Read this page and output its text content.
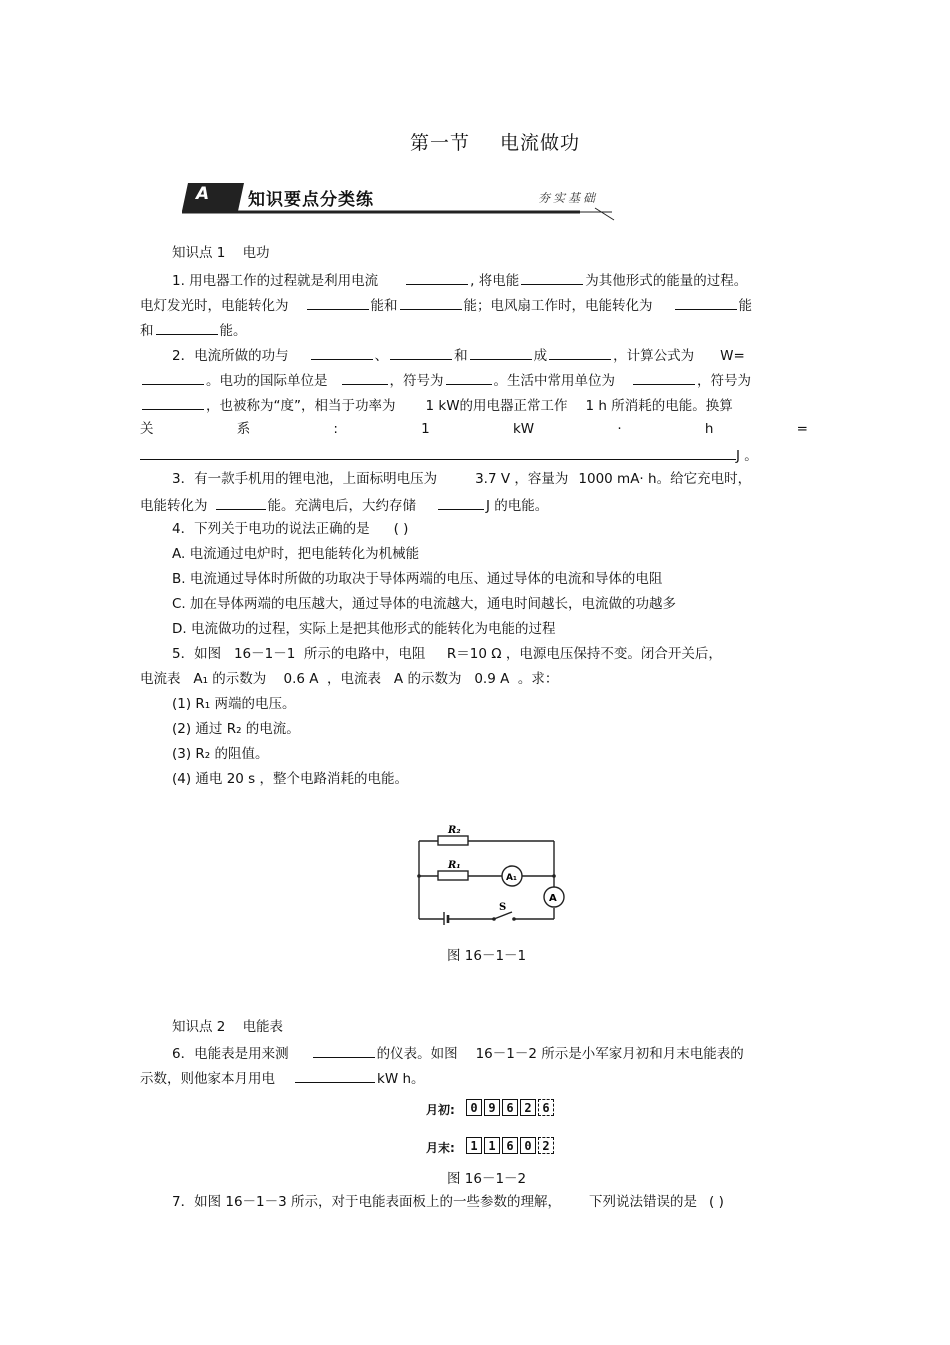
第一节 电流做功
A 知识要点分类练	夯实基础
知识点 1 电功
1. 用电器工作的过程就是利用电流	, 将电能	为其他形式的能量的过程。
电灯发光时，电能转化为	能和	能；电风扇工作时，电能转化为	能
和	能。
2．电流所做的功与	、	和	成	，计算公式为 W=
。电功的国际单位是	，符号为	。生活中常用单位为	，符号为
，也被称为“度”，相当于功率为 1 kW的用电器正常工作 1 h 所消耗的电能。换算
关	系	:	1	kW	·	h	=
J 。
3．有一款手机用的锂电池，上面标明电压为	3.7 V ，容量为 1000 mA· h。给它充电时，
电能转化为	能。充满电后，大约存储	J 的电能。
4．下列关于电功的说法正确的是 ( )
A. 电流通过电炉时，把电能转化为机械能
B. 电流通过导体时所做的功取决于导体两端的电压、通过导体的电流和导体的电阻
C. 加在导体两端的电压越大，通过导体的电流越大，通电时间越长，电流做的功越多
D. 电流做功的过程，实际上是把其他形式的能转化为电能的过程
5．如图   16－1－1  所示的电路中，电阻     R＝10 Ω ，电源电压保持不变。闭合开关后，
电流表   A₁ 的示数为    0.6 A  ，电流表   A 的示数为   0.9 A  。求：
(1) R₁ 两端的电压。
(2) 通过 R₂ 的电流。
(3) R₂ 的阻值。
(4) 通电 20 s ，整个电路消耗的电能。
R₂
R₁
A₁
A
S
图 16－1－1
知识点 2 电能表
6．电能表是用来测	的仪表。如图 16－1－2 所示是小军家月初和月末电能表的
示数，则他家本月用电	kW h。
月初:	0 9 6 2 6
月末:	1 1 6 0 2
图 16－1－2
7．如图 16－1－3 所示，对于电能表面板上的一些参数的理解， 下列说法错误的是 ( )
